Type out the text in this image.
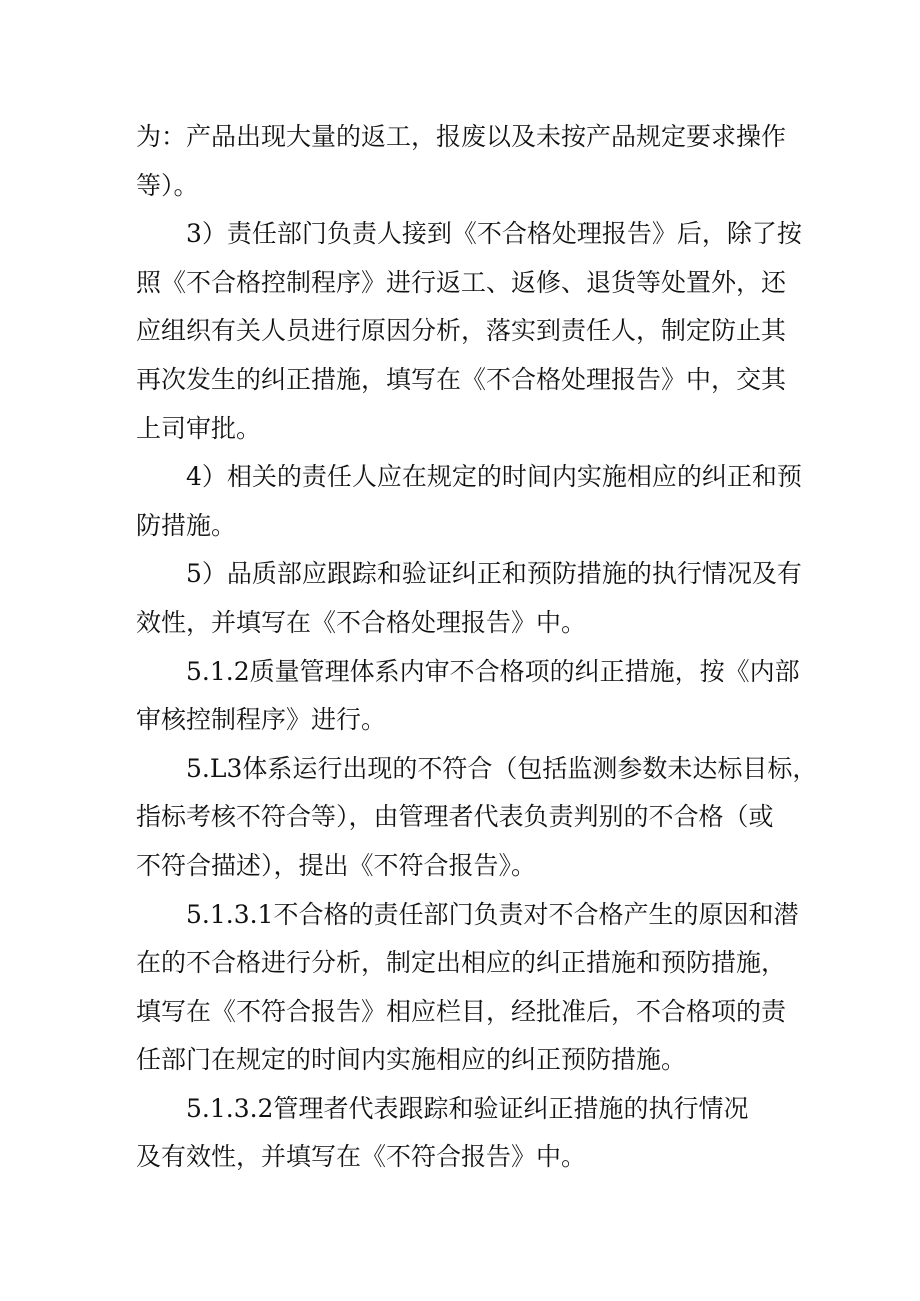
为：产品出现大量的返工，报废以及未按产品规定要求操作
等）。

3）责任部门负责人接到《不合格处理报告》后，除了按
照《不合格控制程序》进行返工、返修、退货等处置外，还
应组织有关人员进行原因分析，落实到责任人，制定防止其
再次发生的纠正措施，填写在《不合格处理报告》中，交其
上司审批。

4）相关的责任人应在规定的时间内实施相应的纠正和预
防措施。

5）品质部应跟踪和验证纠正和预防措施的执行情况及有
效性，并填写在《不合格处理报告》中。

5.1.2质量管理体系内审不合格项的纠正措施，按《内部
审核控制程序》进行。

5.L3体系运行出现的不符合（包括监测参数未达标目标，
指标考核不符合等），由管理者代表负责判别的不合格（或
不符合描述），提出《不符合报告》。

5.1.3.1不合格的责任部门负责对不合格产生的原因和潜
在的不合格进行分析，制定出相应的纠正措施和预防措施，
填写在《不符合报告》相应栏目，经批准后，不合格项的责
任部门在规定的时间内实施相应的纠正预防措施。

5.1.3.2管理者代表跟踪和验证纠正措施的执行情况
及有效性，并填写在《不符合报告》中。
